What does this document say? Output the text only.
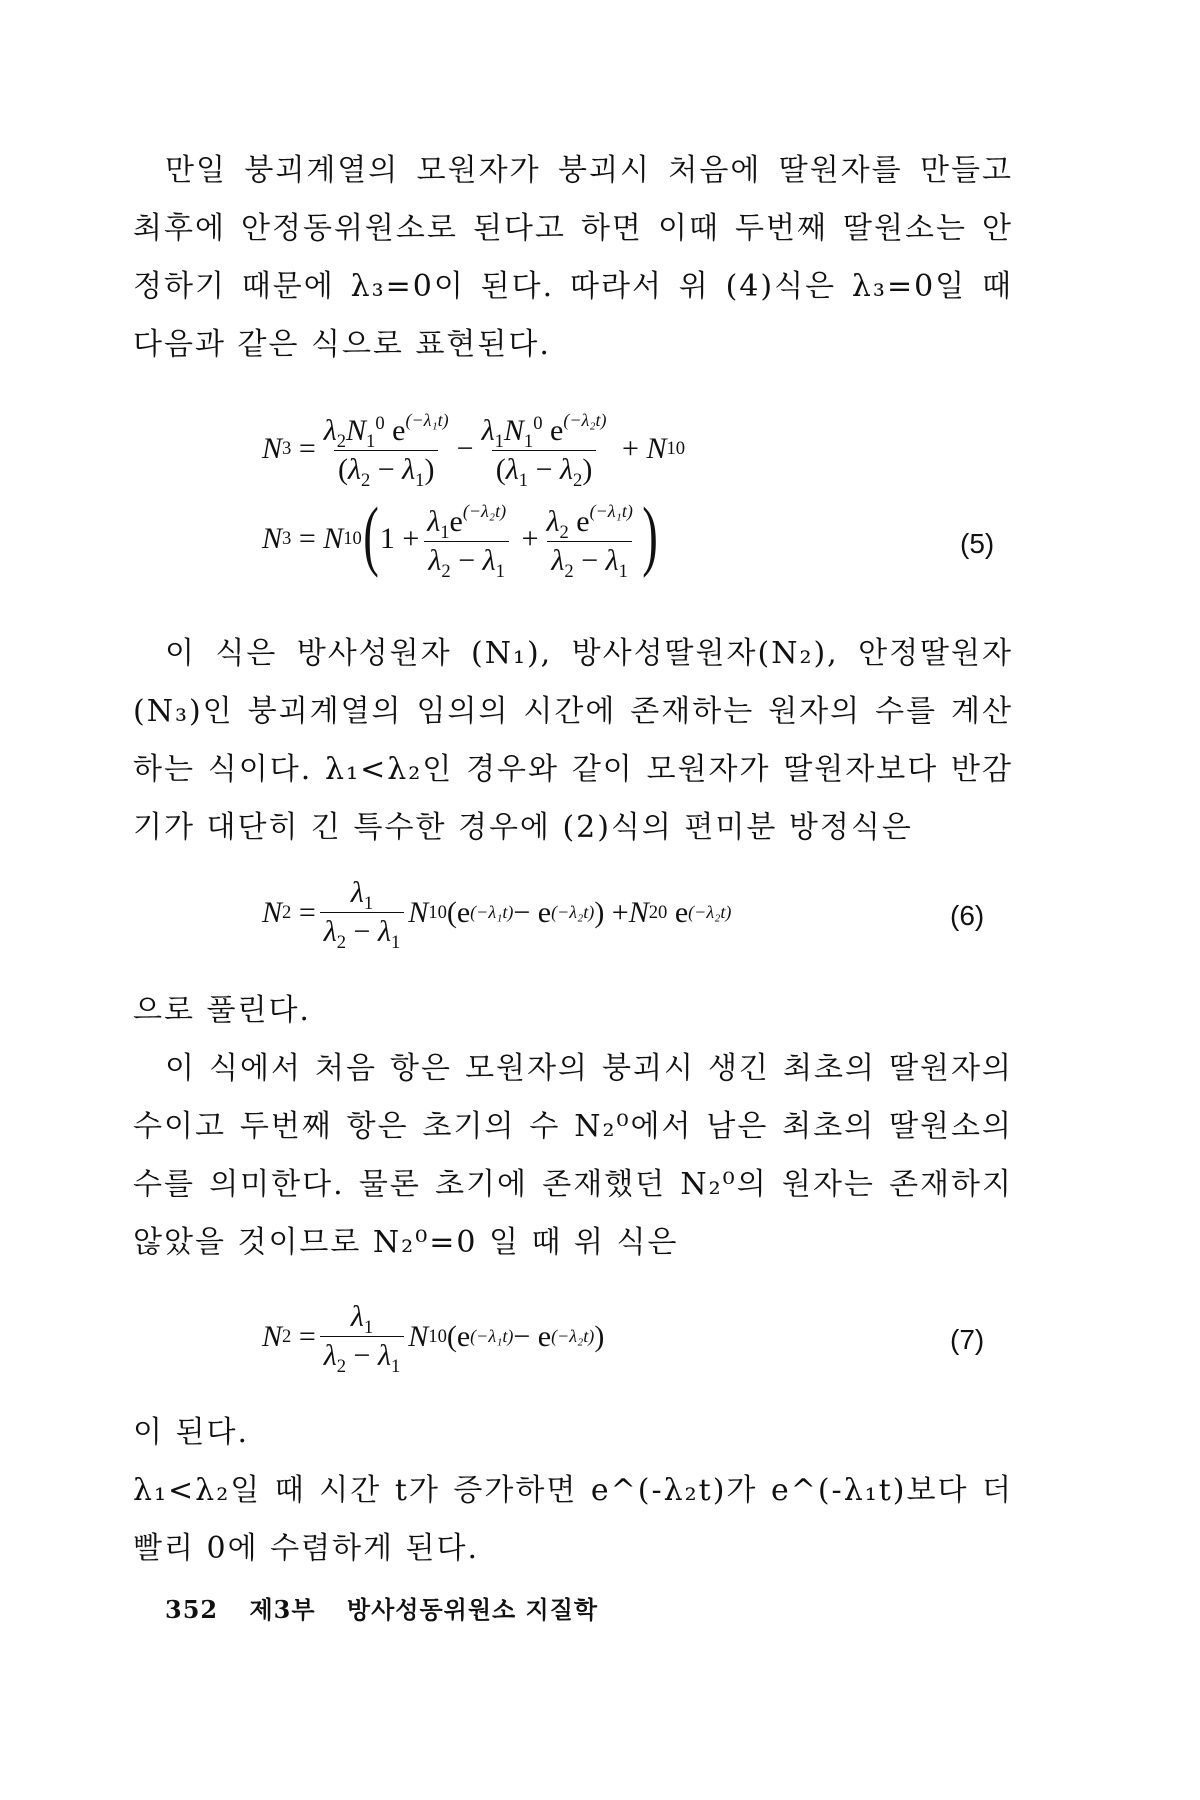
만일 붕괴계열의 모원자가 붕괴시 처음에 딸원자를 만들고 최후에 안정동위원소로 된다고 하면 이때 두번째 딸원소는 안정하기 때문에 λ₃=0이 된다. 따라서 위 (4)식은 λ₃=0일 때 다음과 같은 식으로 표현된다.

N $3 = \frac{\lambda_2N_1^0 e^{(-\lambda_1t)}}{(\lambda_2 - \lambda_1)} - \frac{\lambda_1N_1^0 e^{(-\lambda_2t)}}{(\lambda_1 - \lambda_2)} + N$ 1 0
N 3 = N 1 0 ( $1 + \frac{\lambda_1e^{(-\lambda_2t)}}{\lambda_2 - \lambda_1} + \frac{\lambda_2 e^{(-\lambda_1t)}}{\lambda_2 - \lambda_1}$ )	(5)

이 식은 방사성원자 (N₁), 방사성딸원자(N₂), 안정딸원자(N₃)인 붕괴계열의 임의의 시간에 존재하는 원자의 수를 계산하는 식이다. λ₁<λ₂인 경우와 같이 모원자가 딸원자보다 반감기가 대단히 긴 특수한 경우에 (2)식의 편미분 방정식은

N $2 = \frac{\lambda_1}{\lambda_2 - \lambda_1}$ N 1 0 (e (−λ₁t) − e (−λ₂t) ) + N 2 0 e (−λ₂t)	(6)

으로 풀린다.

이 식에서 처음 항은 모원자의 붕괴시 생긴 최초의 딸원자의 수이고 두번째 항은 초기의 수 N₂⁰에서 남은 최초의 딸원소의 수를 의미한다. 물론 초기에 존재했던 N₂⁰의 원자는 존재하지 않았을 것이므로 N₂⁰=0 일 때 위 식은

N $2 = \frac{\lambda_1}{\lambda_2 - \lambda_1}$ N 1 0 (e (−λ₁t) − e (−λ₂t) )	(7)

이 된다.

λ₁<λ₂일 때 시간 t가 증가하면 e^(-λ₂t)가 e^(-λ₁t)보다 더 빨리 0에 수렴하게 된다.

352 제3부 방사성동위원소 지질학
